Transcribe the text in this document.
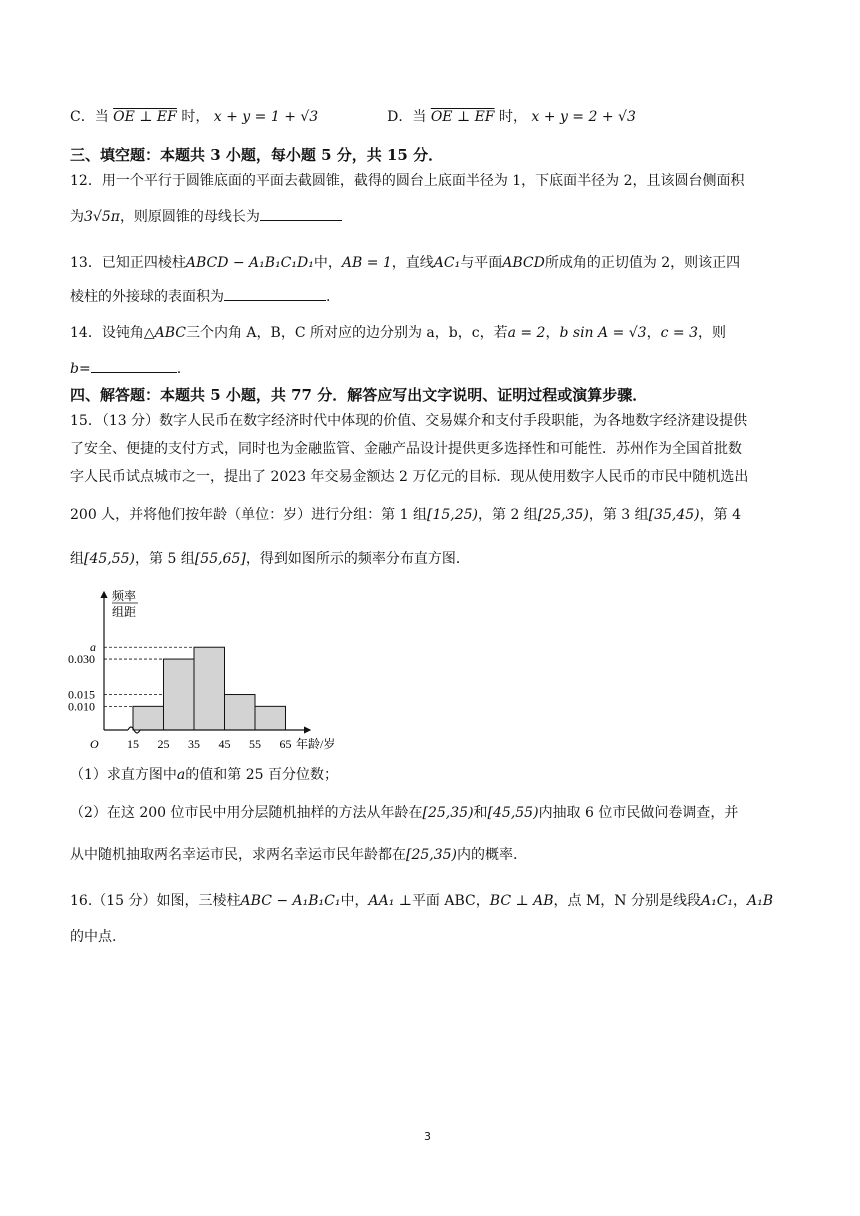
C．当 OE ⊥ EF 时， x + y = 1 + √3	D．当 OE ⊥ EF 时， x + y = 2 + √3
三、填空题：本题共 3 小题，每小题 5 分，共 15 分．
12．用一个平行于圆锥底面的平面去截圆锥，截得的圆台上底面半径为 1，下底面半径为 2，且该圆台侧面积
为3√5π，则原圆锥的母线长为
13．已知正四棱柱ABCD − A₁B₁C₁D₁中，AB = 1，直线AC₁与平面ABCD所成角的正切值为 2，则该正四
棱柱的外接球的表面积为	.
14．设钝角△ABC三个内角 A，B，C 所对应的边分别为 a，b，c，若a = 2，b sin A = √3，c = 3，则
b=	.
四、解答题：本题共 5 小题，共 77 分．解答应写出文字说明、证明过程或演算步骤．
15．（13 分）数字人民币在数字经济时代中体现的价值、交易媒介和支付手段职能，为各地数字经济建设提供
了安全、便捷的支付方式，同时也为金融监管、金融产品设计提供更多选择性和可能性．苏州作为全国首批数
字人民币试点城市之一，提出了 2023 年交易金额达 2 万亿元的目标．现从使用数字人民币的市民中随机选出
200 人，并将他们按年龄（单位：岁）进行分组：第 1 组[15,25)，第 2 组[25,35)，第 3 组[35,45)，第 4
组[45,55)，第 5 组[55,65]，得到如图所示的频率分布直方图．
频率
组距
O	年龄/岁
15 25 35 45 55 65
0.010
0.015
0.030
a
（1）求直方图中a的值和第 25 百分位数；
（2）在这 200 位市民中用分层随机抽样的方法从年龄在[25,35)和[45,55)内抽取 6 位市民做问卷调查，并
从中随机抽取两名幸运市民，求两名幸运市民年龄都在[25,35)内的概率.
16.（15 分）如图，三棱柱ABC − A₁B₁C₁中，AA₁ ⊥平面 ABC，BC ⊥ AB，点 M，N 分别是线段A₁C₁，A₁B
的中点.
3
